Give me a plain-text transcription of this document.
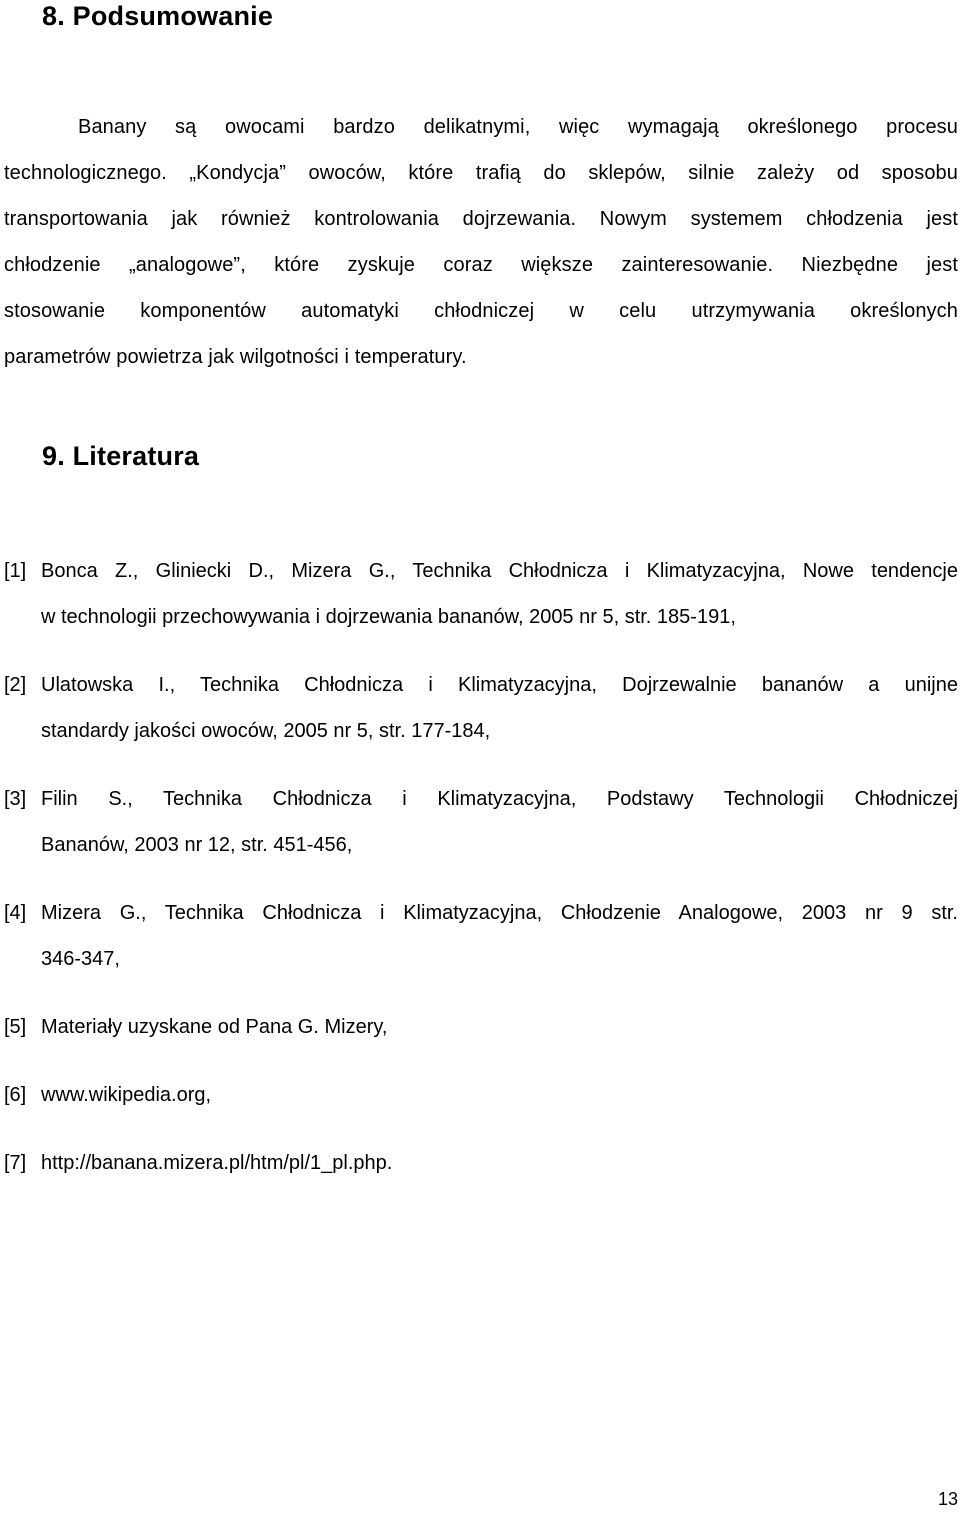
8. Podsumowanie
Banany są owocami bardzo delikatnymi, więc wymagają określonego procesu
technologicznego. „Kondycja” owoców, które trafią do sklepów, silnie zależy od sposobu
transportowania jak również kontrolowania dojrzewania. Nowym systemem chłodzenia jest
chłodzenie „analogowe”, które zyskuje coraz większe zainteresowanie. Niezbędne jest
stosowanie komponentów automatyki chłodniczej w celu utrzymywania określonych
parametrów powietrza jak wilgotności i temperatury.
9. Literatura
[1] Bonca Z., Gliniecki D., Mizera G., Technika Chłodnicza i Klimatyzacyjna, Nowe tendencje
w technologii przechowywania i dojrzewania bananów, 2005 nr 5, str. 185-191,
[2] Ulatowska I., Technika Chłodnicza i Klimatyzacyjna, Dojrzewalnie bananów a unijne
standardy jakości owoców, 2005 nr 5, str. 177-184,
[3] Filin S., Technika Chłodnicza i Klimatyzacyjna, Podstawy Technologii Chłodniczej
Bananów, 2003 nr 12, str. 451-456,
[4] Mizera G., Technika Chłodnicza i Klimatyzacyjna, Chłodzenie Analogowe, 2003 nr 9 str.
346-347,
[5] Materiały uzyskane od Pana G. Mizery,
[6] www.wikipedia.org,
[7] http://banana.mizera.pl/htm/pl/1_pl.php.
13
